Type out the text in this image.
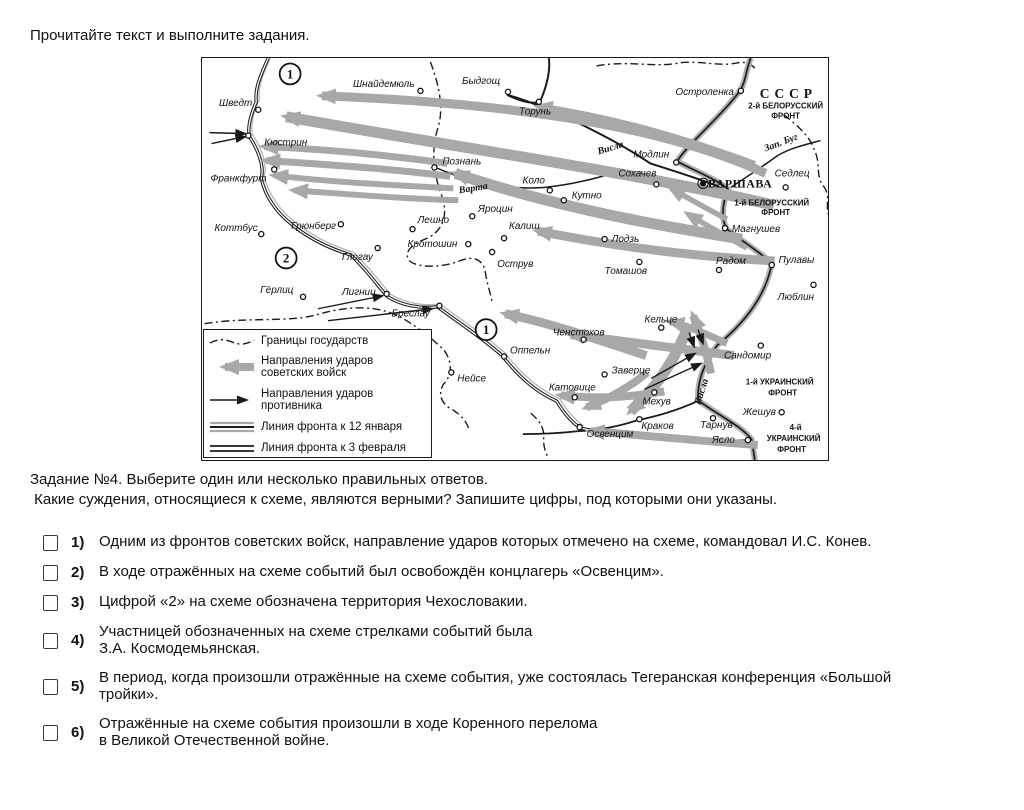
Прочитайте текст и выполните задания.
Шведт
Шнайдемюль	Быдгощ
Остроленка
Торунь
Кюстрин
Модлин
Седлец
Франкфурт
Познань
Коло
Сохачев
Кутно
Магнушев
Яроцин
Лешно
Калиш
Лодзь
Кротошин
Коттбус	Грюнберг
Острув
Глогау
Томашов
Радом	Пулавы
Люблин
Гёрлиц	Лигниц
Бреслау
Кельце
Ченстохов
Оппельн	Сандомир
Заверце
Нейсе
Катовице
Мехув
Жешув
Краков	Тарнув
Освенцим
Ясло
СССР
ВАРШАВА
2-й БЕЛОРУССКИЙ
ФРОНТ
1-й БЕЛОРУССКИЙ
ФРОНТ
1-й УКРАИНСКИЙ
ФРОНТ
4-й
УКРАИНСКИЙ
ФРОНТ
Висла
Варта
Зап. Буг
Висла
1
2
1
Границы государств
Направления ударов советских войск
Направления ударов противника
Линия фронта к 12 января
Линия фронта к 3 февраля
Задание №4. Выберите один или несколько правильных ответов.
Какие суждения, относящиеся к схеме, являются верными? Запишите цифры, под которыми они указаны.
1) Одним из фронтов советских войск, направление ударов которых отмечено на схеме, командовал И.С. Конев.
2) В ходе отражённых на схеме событий был освобождён концлагерь «Освенцим».
3) Цифрой «2» на схеме обозначена территория Чехословакии.
4)
Участницей обозначенных на схеме стрелками событий была
З.А. Космодемьянская.
5)
В период, когда произошли отражённые на схеме события, уже состоялась Тегеранская конференция «Большой
тройки».
6)
Отражённые на схеме события произошли в ходе Коренного перелома
в Великой Отечественной войне.
